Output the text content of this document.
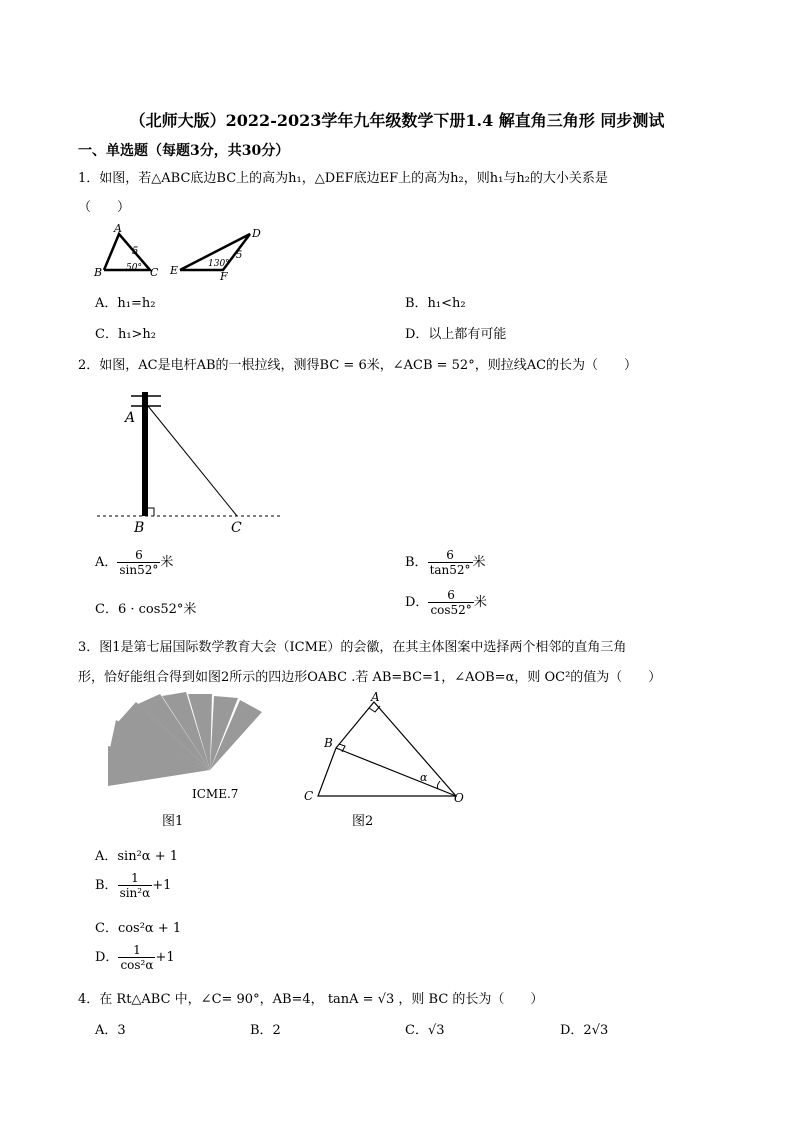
（北师大版）2022-2023学年九年级数学下册1.4 解直角三角形 同步测试
一、单选题（每题3分，共30分）
1．如图，若△ABC底边BC上的高为h₁，△DEF底边EF上的高为h₂，则h₁与h₂的大小关系是
（　　）
A
B	C
5
50°
D
E	F
5
130°
A．h₁=h₂	B．h₁<h₂
C．h₁>h₂	D．以上都有可能
2．如图，AC是电杆AB的一根拉线，测得BC = 6米，∠ACB = 52°，则拉线AC的长为（　　）
A
B	C
A． $\frac{6}{\sin 52^\circ}$ 米	B． $\frac{6}{\tan 52^\circ}$ 米
C．6 · cos52°米	D． $\frac{6}{\cos 52^\circ}$ 米
3．图1是第七届国际数学教育大会（ICME）的会徽，在其主体图案中选择两个相邻的直角三角
形，恰好能组合得到如图2所示的四边形OABC .若 AB=BC=1，∠AOB=α，则 OC²的值为（　　）
ICME.7
图1
A
B
C	O
α
图2
A．sin²α + 1
B． $\frac{1}{\text{sin²α}} +1$
C．cos²α + 1
D． $\frac{1}{\text{cos²α}} +1$
4．在 Rt△ABC 中，∠C= 90°，AB=4， tanA = √3 ，则 BC 的长为（　　）
A．3	B．2	C．√3	D．2√3
